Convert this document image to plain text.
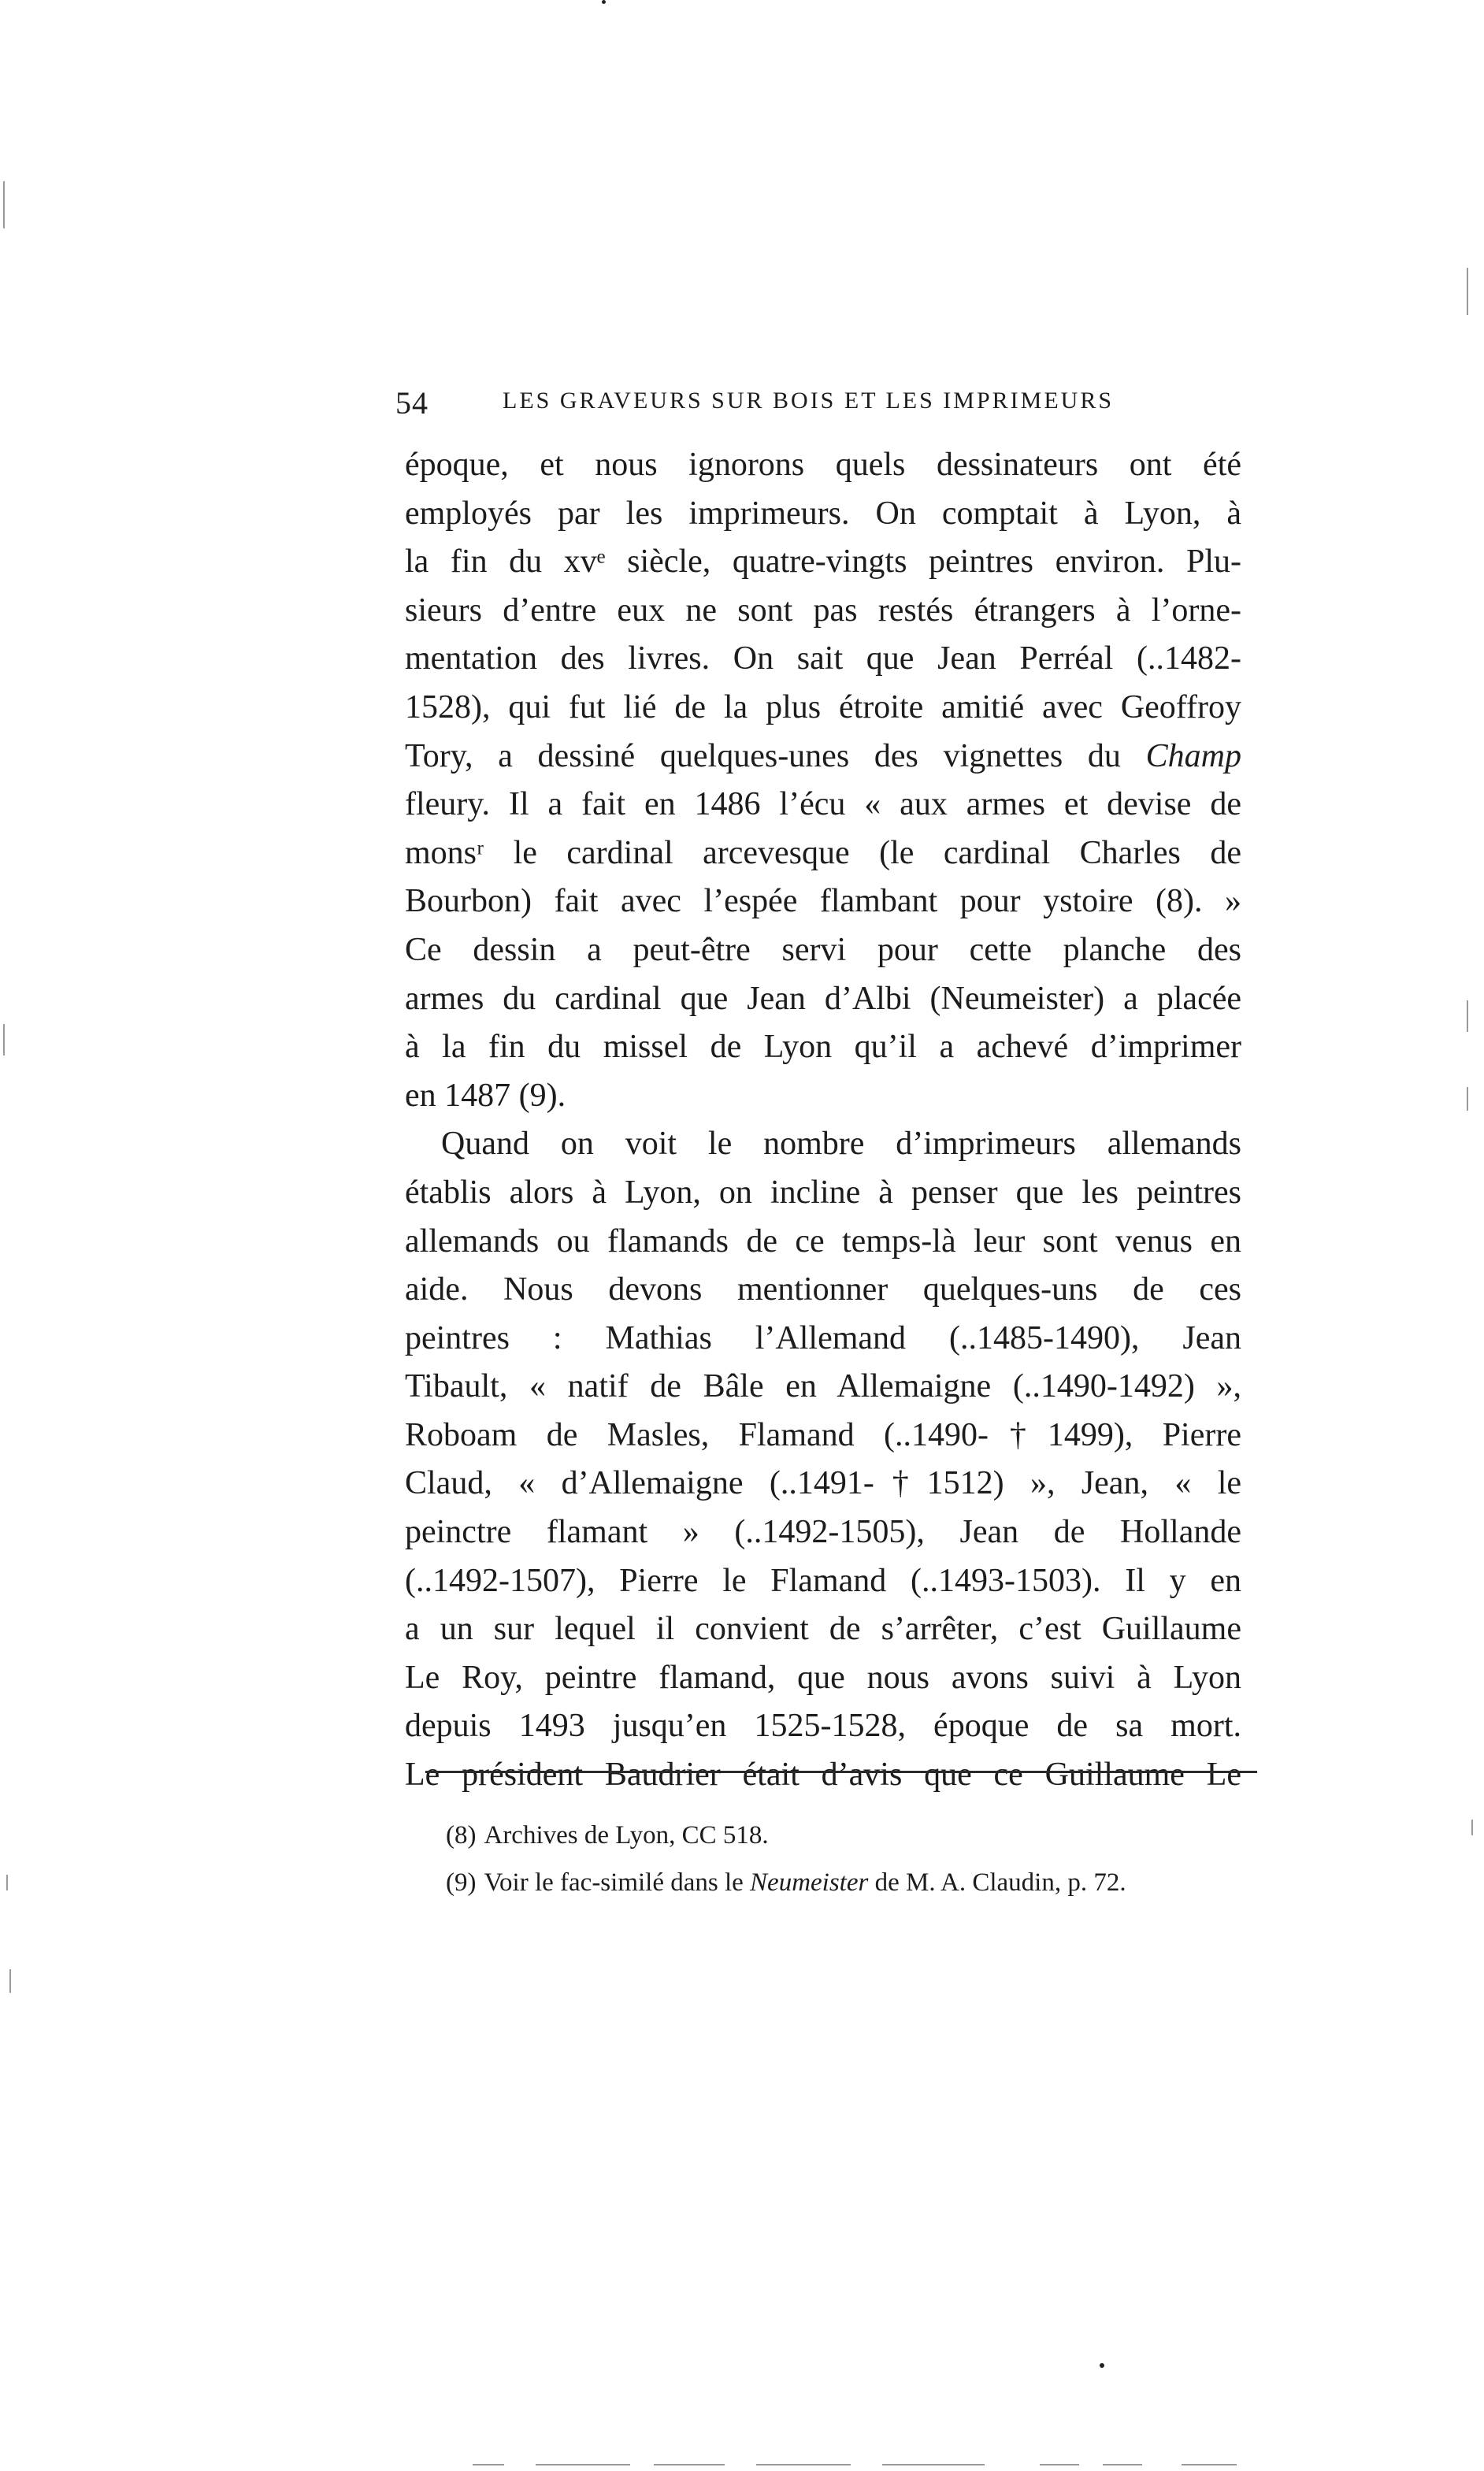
54	LES GRAVEURS SUR BOIS ET LES IMPRIMEURS
époque, et nous ignorons quels dessinateurs ont été
employés par les imprimeurs. On comptait à Lyon, à
la fin du xvᵉ siècle, quatre-vingts peintres environ. Plu-
sieurs d’entre eux ne sont pas restés étrangers à l’orne-
mentation des livres. On sait que Jean Perréal (..1482-
1528), qui fut lié de la plus étroite amitié avec Geoffroy
Tory, a dessiné quelques-unes des vignettes du Champ
fleury. Il a fait en 1486 l’écu « aux armes et devise de
monsʳ le cardinal arcevesque (le cardinal Charles de
Bourbon) fait avec l’espée flambant pour ystoire (8). »
Ce dessin a peut-être servi pour cette planche des
armes du cardinal que Jean d’Albi (Neumeister) a placée
à la fin du missel de Lyon qu’il a achevé d’imprimer
en 1487 (9).
Quand on voit le nombre d’imprimeurs allemands
établis alors à Lyon, on incline à penser que les peintres
allemands ou flamands de ce temps-là leur sont venus en
aide. Nous devons mentionner quelques-uns de ces
peintres : Mathias l’Allemand (..1485-1490), Jean
Tibault, « natif de Bâle en Allemaigne (..1490-1492) »,
Roboam de Masles, Flamand (..1490-†1499), Pierre
Claud, « d’Allemaigne (..1491-†1512) », Jean, « le
peinctre flamant » (..1492-1505), Jean de Hollande
(..1492-1507), Pierre le Flamand (..1493-1503). Il y en
a un sur lequel il convient de s’arrêter, c’est Guillaume
Le Roy, peintre flamand, que nous avons suivi à Lyon
depuis 1493 jusqu’en 1525-1528, époque de sa mort.
Le président Baudrier était d’avis que ce Guillaume Le
(8) Archives de Lyon, CC 518.
(9) Voir le fac-similé dans le Neumeister de M. A. Claudin, p. 72.
